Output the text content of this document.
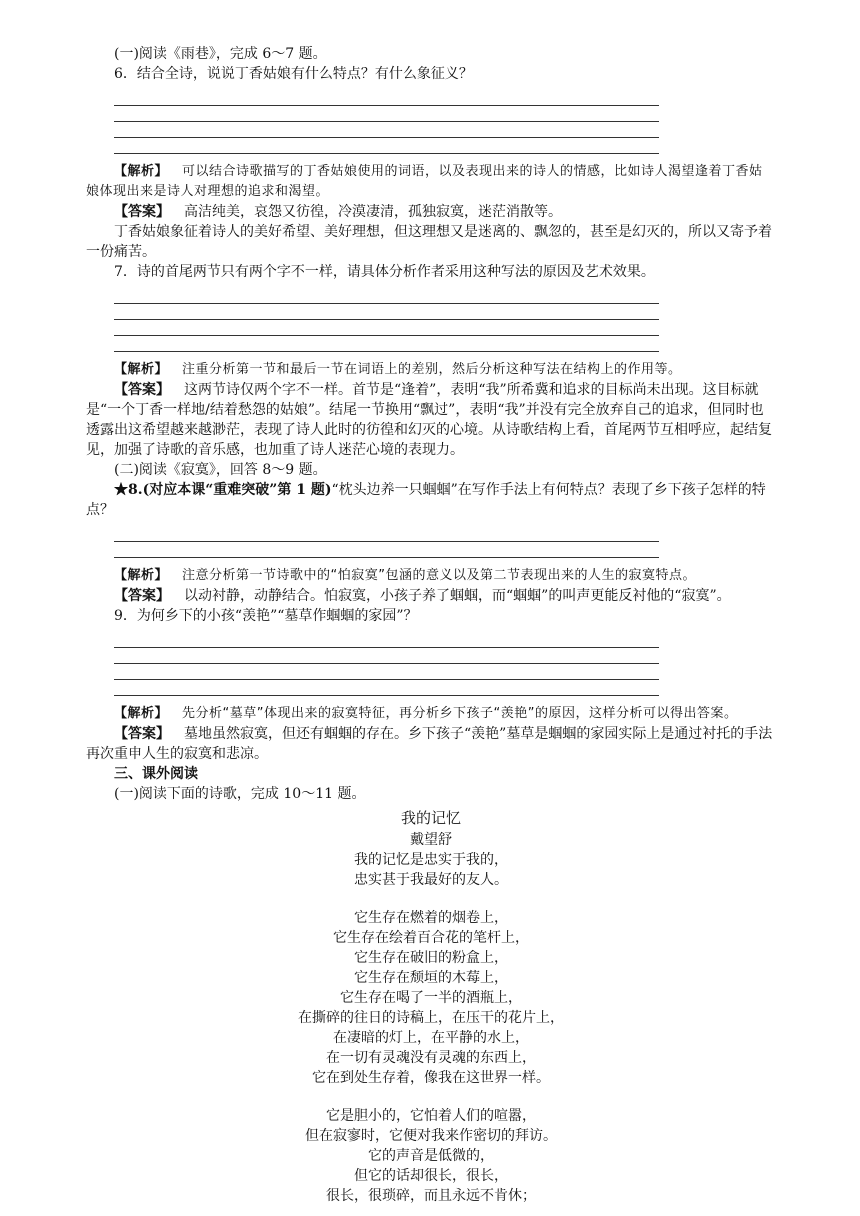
(一)阅读《雨巷》，完成 6～7 题。

6．结合全诗，说说丁香姑娘有什么特点？有什么象征义？

【解析】 可以结合诗歌描写的丁香姑娘使用的词语，以及表现出来的诗人的情感，比如诗人渴望逢着丁香姑娘体现出来是诗人对理想的追求和渴望。

【答案】 高洁纯美，哀怨又彷徨，冷漠凄清，孤独寂寞，迷茫消散等。

丁香姑娘象征着诗人的美好希望、美好理想，但这理想又是迷离的、飘忽的，甚至是幻灭的，所以又寄予着一份痛苦。

7．诗的首尾两节只有两个字不一样，请具体分析作者采用这种写法的原因及艺术效果。

【解析】 注重分析第一节和最后一节在词语上的差别，然后分析这种写法在结构上的作用等。

【答案】 这两节诗仅两个字不一样。首节是“逢着”，表明“我”所希冀和追求的目标尚未出现。这目标就是“一个丁香一样地/结着愁怨的姑娘”。结尾一节换用“飘过”，表明“我”并没有完全放弃自己的追求，但同时也透露出这希望越来越渺茫，表现了诗人此时的彷徨和幻灭的心境。从诗歌结构上看，首尾两节互相呼应，起结复见，加强了诗歌的音乐感，也加重了诗人迷茫心境的表现力。

(二)阅读《寂寞》，回答 8～9 题。

★8.(对应本课“重难突破”第 1 题)“枕头边养一只蝈蝈”在写作手法上有何特点？表现了乡下孩子怎样的特点？

【解析】 注意分析第一节诗歌中的“怕寂寞”包涵的意义以及第二节表现出来的人生的寂寞特点。

【答案】 以动衬静，动静结合。怕寂寞，小孩子养了蝈蝈，而“蝈蝈”的叫声更能反衬他的“寂寞”。

9．为何乡下的小孩“羡艳”“墓草作蝈蝈的家园”？

【解析】 先分析“墓草”体现出来的寂寞特征，再分析乡下孩子“羡艳”的原因，这样分析可以得出答案。

【答案】 墓地虽然寂寞，但还有蝈蝈的存在。乡下孩子“羡艳”墓草是蝈蝈的家园实际上是通过衬托的手法再次重申人生的寂寞和悲凉。

三、课外阅读

(一)阅读下面的诗歌，完成 10～11 题。

我的记忆
戴望舒
我的记忆是忠实于我的，
忠实甚于我最好的友人。
它生存在燃着的烟卷上，
它生存在绘着百合花的笔杆上，
它生存在破旧的粉盒上，
它生存在颓垣的木莓上，
它生存在喝了一半的酒瓶上，
在撕碎的往日的诗稿上，在压干的花片上，
在凄暗的灯上，在平静的水上，
在一切有灵魂没有灵魂的东西上，
它在到处生存着，像我在这世界一样。
它是胆小的，它怕着人们的喧嚣，
但在寂寥时，它便对我来作密切的拜访。
它的声音是低微的，
但它的话却很长，很长，
很长，很琐碎，而且永远不肯休；
